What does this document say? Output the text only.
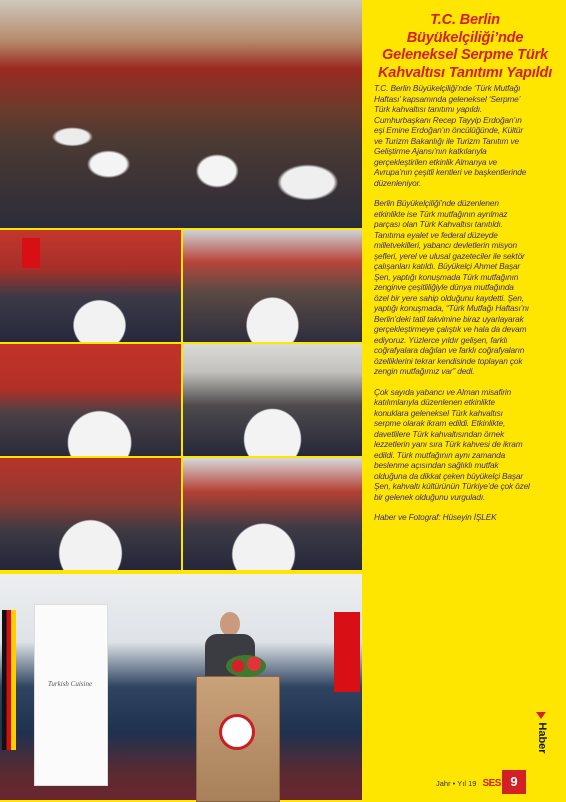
Turkish Cuisine
T.C. Berlin Büyükelçiliği’nde Geleneksel Serpme Türk Kahvaltısı Tanıtımı Yapıldı

T.C. Berlin Büyükelçiliği’nde ‘Türk Mutfağı Haftası’ kapsamında geleneksel ‘Serpme’ Türk kahvaltısı tanıtımı yapıldı. Cumhurbaşkanı Recep Tayyip Erdoğan’ın eşi Emine Erdoğan’ın öncülüğünde, Kültür ve Turizm Bakanlığı ile Turizm Tanıtım ve Geliştirme Ajansı’nın katkılarıyla gerçekleştirilen etkinlik Almanya ve Avrupa’nın çeşitli kentleri ve başkentlerinde düzenleniyor.

Berlin Büyükelçiliği’nde düzenlenen etkinlikte ise Türk mutfağının ayrılmaz parçası olan Türk Kahvaltısı tanıtıldı. Tanıtıma eyalet ve federal düzeyde milletvekilleri, yabancı devletlerin misyon şefleri, yerel ve ulusal gazeteciler ile sektör çalışanları katıldı. Büyükelçi Ahmet Başar Şen, yaptığı konuşmada Türk mutfağının zenginve çeşitliliğiyle dünya mutfağında özel bir yere sahip olduğunu kaydetti. Şen, yaptığı konuşmada, “Türk Mutfağı Haftası’nı Berlin’deki tatil takvimine biraz uyarlayarak gerçekleştirmeye çalıştık ve hala da devam ediyoruz. Yüzlerce yıldır gelişen, farklı coğrafyalara dağılan ve farklı coğrafyaların özelliklerini tekrar kendisinde toplayan çok zengin mutfağımız var” dedi.

Çok sayıda yabancı ve Alman misafirin katılımlarıyla düzenlenen etkinlikte konuklara geleneksel Türk kahvaltısı serpme olarak ikram edildi. Etkinlikte, davetlilere Türk kahvaltısından örnek lezzetlerin yanı sıra Türk kahvesi de ikram edildi. Türk mutfağının aynı zamanda beslenme açısından sağlıklı mutfak olduğuna da dikkat çeken büyükelçi Başar Şen, kahvaltı kültürünün Türkiye’de çok özel bir gelenek olduğunu vurguladı.

Haber ve Fotograf: Hüseyin İŞLEK

Haber
Jahr • Yıl 19 SES 9
